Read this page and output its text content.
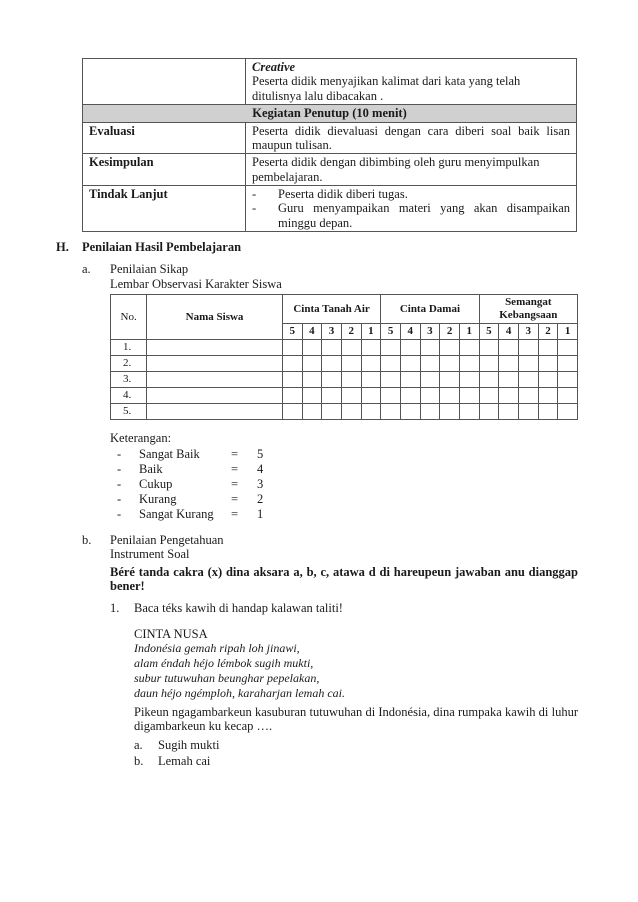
	Creative
Peserta didik menyajikan kalimat dari kata yang telah ditulisnya lalu dibacakan .

Kegiatan Penutup (10 menit)	
Evaluasi	Peserta didik dievaluasi dengan cara diberi soal baik lisan maupun tulisan.
Kesimpulan	Peserta didik dengan dibimbing oleh guru menyimpulkan pembelajaran.
Tindak Lanjut	- Peserta didik diberi tugas.
- Guru menyampaikan materi yang akan disampaikan minggu depan.
H. Penilaian Hasil Pembelajaran
a. Penilaian Sikap
Lembar Observasi Karakter Siswa
No.	Nama Siswa	Cinta Tanah Air					Cinta Damai					Semangat Kebangsaan				
		5	4	3	2	1	5	4	3	2	1	5	4	3	2	1
1.																
2.																
3.																
4.																
5.																
Keterangan:
-	Sangat Baik	=	5
-	Baik	=	4
-	Cukup	=	3
-	Kurang	=	2
-	Sangat Kurang	=	1
b. Penilaian Pengetahuan
Instrument Soal
Béré tanda cakra (x) dina aksara a, b, c, atawa d di hareupeun jawaban anu dianggap bener!
1. Baca téks kawih di handap kalawan taliti!
CINTA NUSA
Indonésia gemah ripah loh jinawi,
alam éndah héjo lémbok sugih mukti,
subur tutuwuhan beunghar pepelakan,
daun héjo ngémploh, karaharjan lemah cai.
Pikeun ngagambarkeun kasuburan tutuwuhan di Indonésia, dina rumpaka kawih di luhur digambarkeun ku kecap ….
a. Sugih mukti
b. Lemah cai
